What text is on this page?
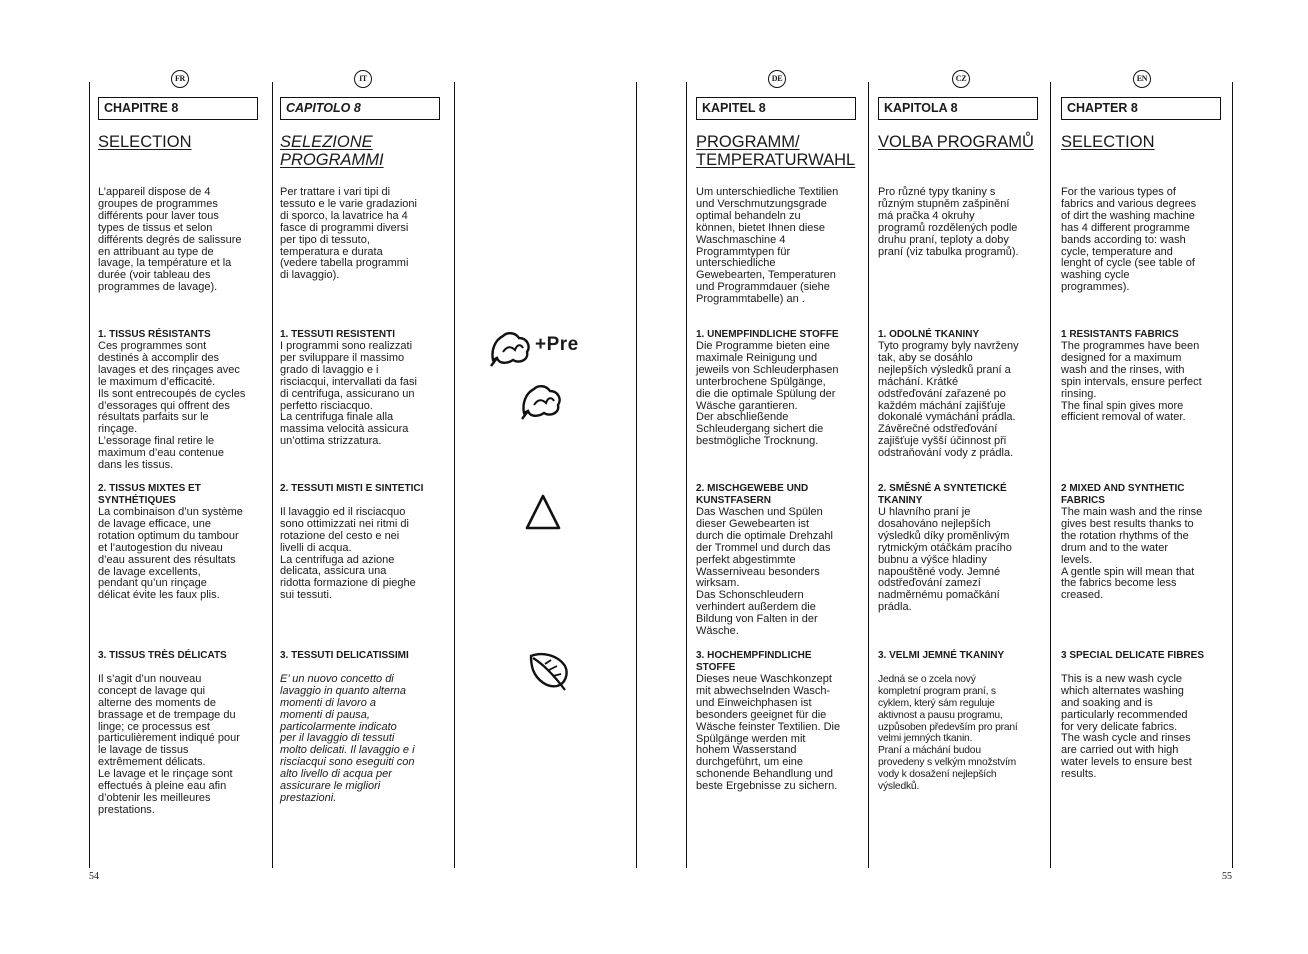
FR	IT	DE	CZ	EN
CHAPITRE 8
SELECTION
L’appareil dispose de 4
groupes de programmes
différents pour laver tous
types de tissus et selon
différents degrés de salissure
en attribuant au type de
lavage, la température et la
durée (voir tableau des
programmes de lavage).
1. TISSUS RÉSISTANTS
Ces programmes sont
destinés à accomplir des
lavages et des rinçages avec
le maximum d’efficacité.
Ils sont entrecoupés de cycles
d’essorages qui offrent des
résultats parfaits sur le
rinçage.
L’essorage final retire le
maximum d’eau contenue
dans les tissus.
2. TISSUS MIXTES ET
SYNTHÉTIQUES
La combinaison d’un système
de lavage efficace, une
rotation optimum du tambour
et l’autogestion du niveau
d’eau assurent des résultats
de lavage excellents,
pendant qu’un rinçage
délicat évite les faux plis.
3. TISSUS TRÈS DÉLICATS

Il s’agit d’un nouveau
concept de lavage qui
alterne des moments de
brassage et de trempage du
linge; ce processus est
particulièrement indiqué pour
le lavage de tissus
extrêmement délicats.
Le lavage et le rinçage sont
effectués à pleine eau afin
d’obtenir les meilleures
prestations.
CAPITOLO 8
SELEZIONE
PROGRAMMI
Per trattare i vari tipi di
tessuto e le varie gradazioni
di sporco, la lavatrice ha 4
fasce di programmi diversi
per tipo di tessuto,
temperatura e durata
(vedere tabella programmi
di lavaggio).
1. TESSUTI RESISTENTI
I programmi sono realizzati
per sviluppare il massimo
grado di lavaggio e i
risciacqui, intervallati da fasi
di centrifuga, assicurano un
perfetto risciacquo.
La centrifuga finale alla
massima velocità assicura
un’ottima strizzatura.
2. TESSUTI MISTI E SINTETICI

Il lavaggio ed il risciacquo
sono ottimizzati nei ritmi di
rotazione del cesto e nei
livelli di acqua.
La centrifuga ad azione
delicata, assicura una
ridotta formazione di pieghe
sui tessuti.
3. TESSUTI DELICATISSIMI

E’ un nuovo concetto di
lavaggio in quanto alterna
momenti di lavoro a
momenti di pausa,
particolarmente indicato
per il lavaggio di tessuti
molto delicati. Il lavaggio e i
risciacqui sono eseguiti con
alto livello di acqua per
assicurare le migliori
prestazioni.
+Pre
KAPITEL 8
PROGRAMM/
TEMPERATURWAHL
Um unterschiedliche Textilien
und Verschmutzungsgrade
optimal behandeln zu
können, bietet Ihnen diese
Waschmaschine 4
Programmtypen für
unterschiedliche
Gewebearten, Temperaturen
und Programmdauer (siehe
Programmtabelle) an .
1. UNEMPFINDLICHE STOFFE
Die Programme bieten eine
maximale Reinigung und
jeweils von Schleuderphasen
unterbrochene Spülgänge,
die die optimale Spülung der
Wäsche garantieren.
Der abschließende
Schleudergang sichert die
bestmögliche Trocknung.
2. MISCHGEWEBE UND
KUNSTFASERN
Das Waschen und Spülen
dieser Gewebearten ist
durch die optimale Drehzahl
der Trommel und durch das
perfekt abgestimmte
Wasserniveau besonders
wirksam.
Das Schonschleudern
verhindert außerdem die
Bildung von Falten in der
Wäsche.
3. HOCHEMPFINDLICHE
STOFFE
Dieses neue Waschkonzept
mit abwechselnden Wasch-
und Einweichphasen ist
besonders geeignet für die
Wäsche feinster Textilien. Die
Spülgänge werden mit
hohem Wasserstand
durchgeführt, um eine
schonende Behandlung und
beste Ergebnisse zu sichern.
KAPITOLA 8
VOLBA PROGRAMŮ
Pro různé typy tkaniny s
různým stupněm zašpinění
má pračka 4 okruhy
programů rozdělených podle
druhu praní, teploty a doby
praní (viz tabulka programů).
1. ODOLNÉ TKANINY
Tyto programy byly navrženy
tak, aby se dosáhlo
nejlepších výsledků praní a
máchání. Krátké
odstřeďování zařazené po
každém máchání zajišťuje
dokonalé vymáchání prádla.
Závěrečné odstřeďování
zajišťuje vyšší účinnost při
odstraňování vody z prádla.
2. SMĚSNÉ A SYNTETICKÉ
TKANINY
U hlavního praní je
dosahováno nejlepších
výsledků díky proměnlivým
rytmickým otáčkám pracího
bubnu a výšce hladiny
napouštěné vody. Jemné
odstřeďování zamezí
nadměrnému pomačkání
prádla.
3. VELMI JEMNÉ TKANINY

Jedná se o zcela nový
kompletní program praní, s
cyklem, který sám reguluje
aktivnost a pausu programu,
uzpůsoben především pro praní
velmi jemných tkanin.
Praní a máchání budou
provedeny s velkým množstvím
vody k dosažení nejlepších
výsledků.
CHAPTER 8
SELECTION
For the various types of
fabrics and various degrees
of dirt the washing machine
has 4 different programme
bands according to: wash
cycle, temperature and
lenght of cycle (see table of
washing cycle
programmes).
1 RESISTANTS FABRICS
The programmes have been
designed for a maximum
wash and the rinses, with
spin intervals, ensure perfect
rinsing.
The final spin gives more
efficient removal of water.
2 MIXED AND SYNTHETIC
FABRICS
The main wash and the rinse
gives best results thanks to
the rotation rhythms of the
drum and to the water
levels.
A gentle spin will mean that
the fabrics become less
creased.
3 SPECIAL DELICATE FIBRES

This is a new wash cycle
which alternates washing
and soaking and is
particularly recommended
for very delicate fabrics.
The wash cycle and rinses
are carried out with high
water levels to ensure best
results.
54	55
